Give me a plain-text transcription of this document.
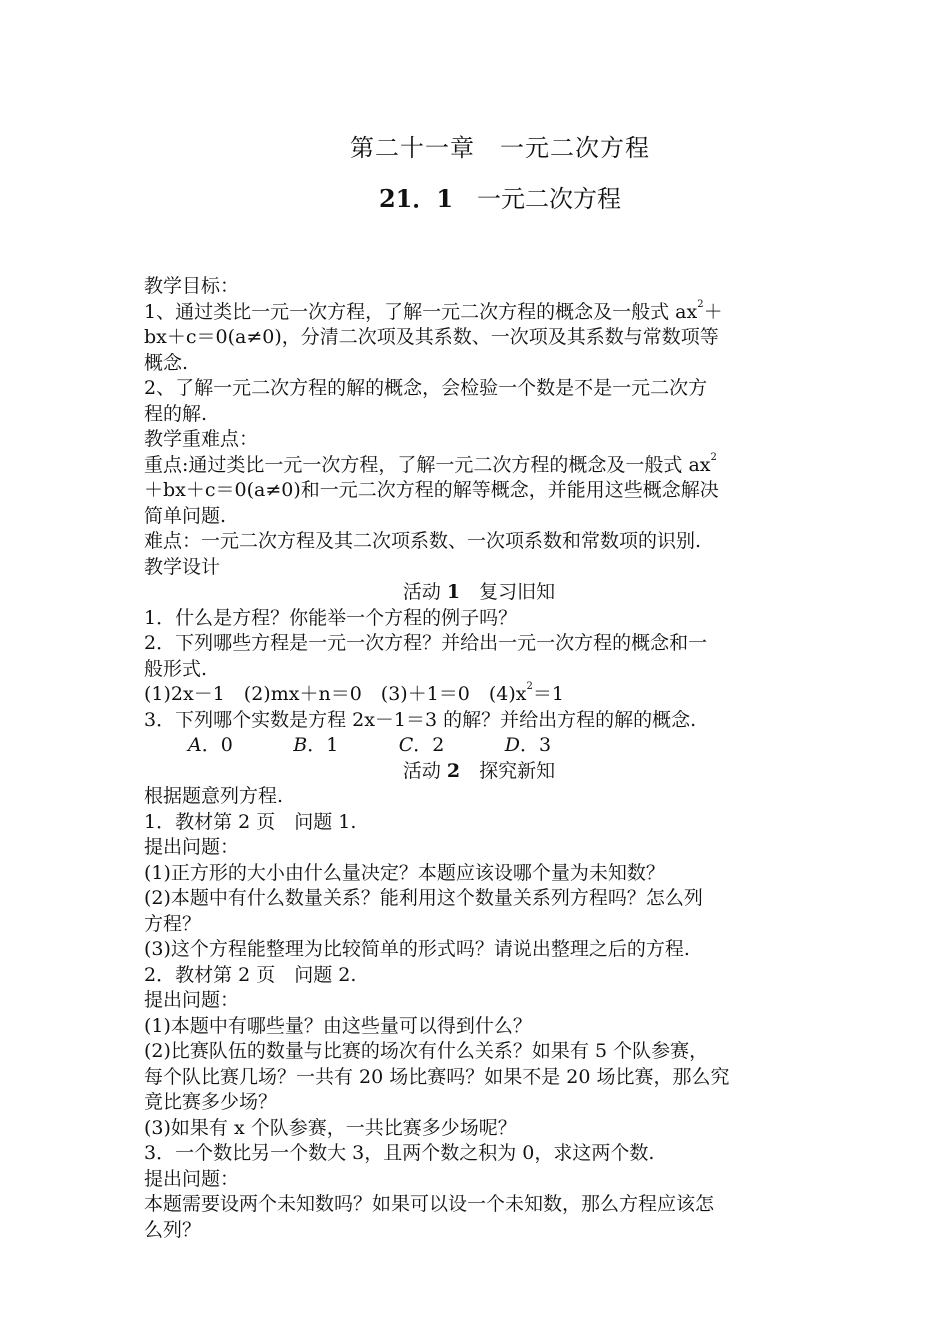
第二十一章　一元二次方程
21．1　一元二次方程
教学目标：
1、通过类比一元一次方程，了解一元二次方程的概念及一般式 $ax^2+$
bx＋c＝0(a≠0)，分清二次项及其系数、一次项及其系数与常数项等
概念.
2、了解一元二次方程的解的概念，会检验一个数是不是一元二次方
程的解.
教学重难点：
重点:通过类比一元一次方程，了解一元二次方程的概念及一般式 $ax^2$
＋bx＋c＝0(a≠0)和一元二次方程的解等概念，并能用这些概念解决
简单问题.
难点：一元二次方程及其二次项系数、一次项系数和常数项的识别.
教学设计
活动 1　复习旧知
1．什么是方程？你能举一个方程的例子吗？
2．下列哪些方程是一元一次方程？并给出一元一次方程的概念和一
般形式.
(1)2x－1　(2)mx＋n＝0　(3)＋1＝0　$(4)x^2=1$
3．下列哪个实数是方程 2x－1＝3 的解？并给出方程的解的概念.
A．0	B．1	C．2	D．3
活动 2　探究新知
根据题意列方程.
1．教材第 2 页　问题 1.
提出问题：
(1)正方形的大小由什么量决定？本题应该设哪个量为未知数？
(2)本题中有什么数量关系？能利用这个数量关系列方程吗？怎么列
方程？
(3)这个方程能整理为比较简单的形式吗？请说出整理之后的方程.
2．教材第 2 页　问题 2.
提出问题：
(1)本题中有哪些量？由这些量可以得到什么？
(2)比赛队伍的数量与比赛的场次有什么关系？如果有 5 个队参赛，
每个队比赛几场？一共有 20 场比赛吗？如果不是 20 场比赛，那么究
竟比赛多少场？
(3)如果有 x 个队参赛，一共比赛多少场呢？
3．一个数比另一个数大 3，且两个数之积为 0，求这两个数.
提出问题：
本题需要设两个未知数吗？如果可以设一个未知数，那么方程应该怎
么列？
